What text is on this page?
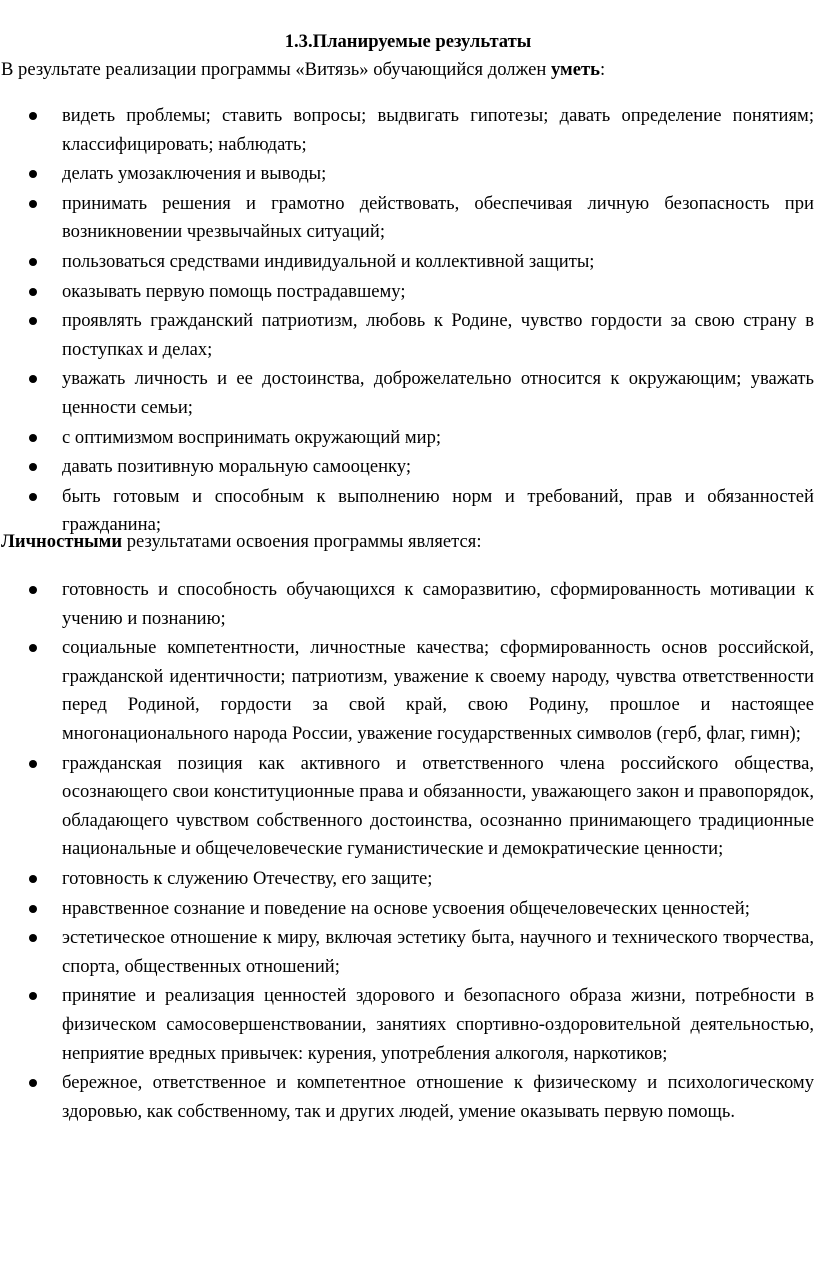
1.3.Планируемые результаты

В результате реализации программы «Витязь» обучающийся должен уметь:

видеть проблемы; ставить вопросы; выдвигать гипотезы; давать определение понятиям; классифицировать; наблюдать;
делать умозаключения и выводы;
принимать решения и грамотно действовать, обеспечивая личную безопасность при возникновении чрезвычайных ситуаций;
пользоваться средствами индивидуальной и коллективной защиты;
оказывать первую помощь пострадавшему;
проявлять гражданский патриотизм, любовь к Родине, чувство гордости за свою страну в поступках и делах;
уважать личность и ее достоинства, доброжелательно относится к окружающим; уважать ценности семьи;
с оптимизмом воспринимать окружающий мир;
давать позитивную моральную самооценку;
быть готовым и способным к выполнению норм и требований, прав и обязанностей гражданина;

Личностными результатами освоения программы является:

готовность и способность обучающихся к саморазвитию, сформированность мотивации к учению и познанию;
социальные компетентности, личностные качества; сформированность основ российской, гражданской идентичности; патриотизм, уважение к своему народу, чувства ответственности перед Родиной, гордости за свой край, свою Родину, прошлое и настоящее многонационального народа России, уважение государственных символов (герб, флаг, гимн);
гражданская позиция как активного и ответственного члена российского общества, осознающего свои конституционные права и обязанности, уважающего закон и правопорядок, обладающего чувством собственного достоинства, осознанно принимающего традиционные национальные и общечеловеческие гуманистические и демократические ценности;
готовность к служению Отечеству, его защите;
нравственное сознание и поведение на основе усвоения общечеловеческих ценностей;
эстетическое отношение к миру, включая эстетику быта, научного и технического творчества, спорта, общественных отношений;
принятие и реализация ценностей здорового и безопасного образа жизни, потребности в физическом самосовершенствовании, занятиях спортивно-оздоровительной деятельностью, неприятие вредных привычек: курения, употребления алкоголя, наркотиков;
бережное, ответственное и компетентное отношение к физическому и психологическому здоровью, как собственному, так и других людей, умение оказывать первую помощь.
